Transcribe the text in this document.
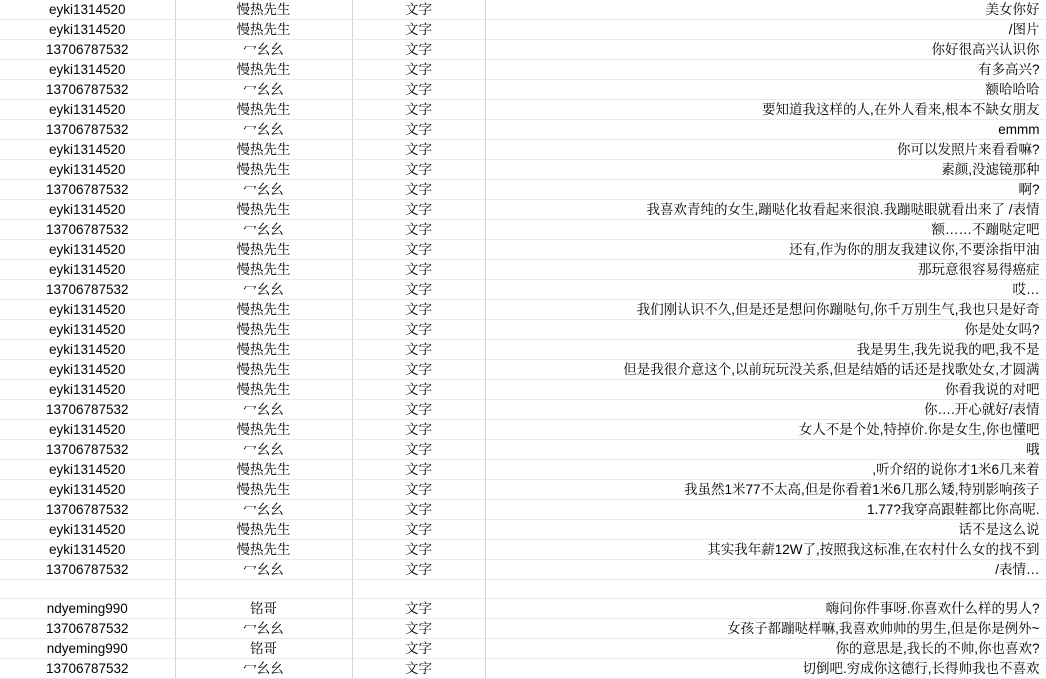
eyki1314520	慢热先生	文字	美女你好
eyki1314520	慢热先生	文字	/图片
13706787532	冖幺幺	文字	你好很高兴认识你
eyki1314520	慢热先生	文字	有多高兴?
13706787532	冖幺幺	文字	额哈哈哈
eyki1314520	慢热先生	文字	要知道我这样的人,在外人看来,根本不缺女朋友
13706787532	冖幺幺	文字	emmm
eyki1314520	慢热先生	文字	你可以发照片来看看嘛?
eyki1314520	慢热先生	文字	素颜,没滤镜那种
13706787532	冖幺幺	文字	啊?
eyki1314520	慢热先生	文字	我喜欢青纯的女生,蹦哒化妆看起来很浪.我蹦哒眼就看出来了 /表情
13706787532	冖幺幺	文字	额……不蹦哒定吧
eyki1314520	慢热先生	文字	还有,作为你的朋友我建议你,不要涂指甲油
eyki1314520	慢热先生	文字	那玩意很容易得癌症
13706787532	冖幺幺	文字	哎…
eyki1314520	慢热先生	文字	我们刚认识不久,但是还是想问你蹦哒句,你千万别生气,我也只是好奇
eyki1314520	慢热先生	文字	你是处女吗?
eyki1314520	慢热先生	文字	我是男生,我先说我的吧,我不是
eyki1314520	慢热先生	文字	但是我很介意这个,以前玩玩没关系,但是结婚的话还是找歌处女,才圆满
eyki1314520	慢热先生	文字	你看我说的对吧
13706787532	冖幺幺	文字	你….开心就好/表情
eyki1314520	慢热先生	文字	女人不是个处,特掉价.你是女生,你也懂吧
13706787532	冖幺幺	文字	哦
eyki1314520	慢热先生	文字	,听介绍的说你才1米6几来着
eyki1314520	慢热先生	文字	我虽然1米77不太高,但是你看着1米6几那么矮,特别影响孩子
13706787532	冖幺幺	文字	1.77?我穿高跟鞋都比你高呢.
eyki1314520	慢热先生	文字	话不是这么说
eyki1314520	慢热先生	文字	其实我年薪12W了,按照我这标准,在农村什么女的找不到
13706787532	冖幺幺	文字	/表情…

ndyeming990	铭哥	文字	嗨问你件事呀.你喜欢什么样的男人?
13706787532	冖幺幺	文字	女孩子都蹦哒样嘛,我喜欢帅帅的男生,但是你是例外~
ndyeming990	铭哥	文字	你的意思是,我长的不帅,你也喜欢?
13706787532	冖幺幺	文字	切倒吧.穷成你这德行,长得帅我也不喜欢
